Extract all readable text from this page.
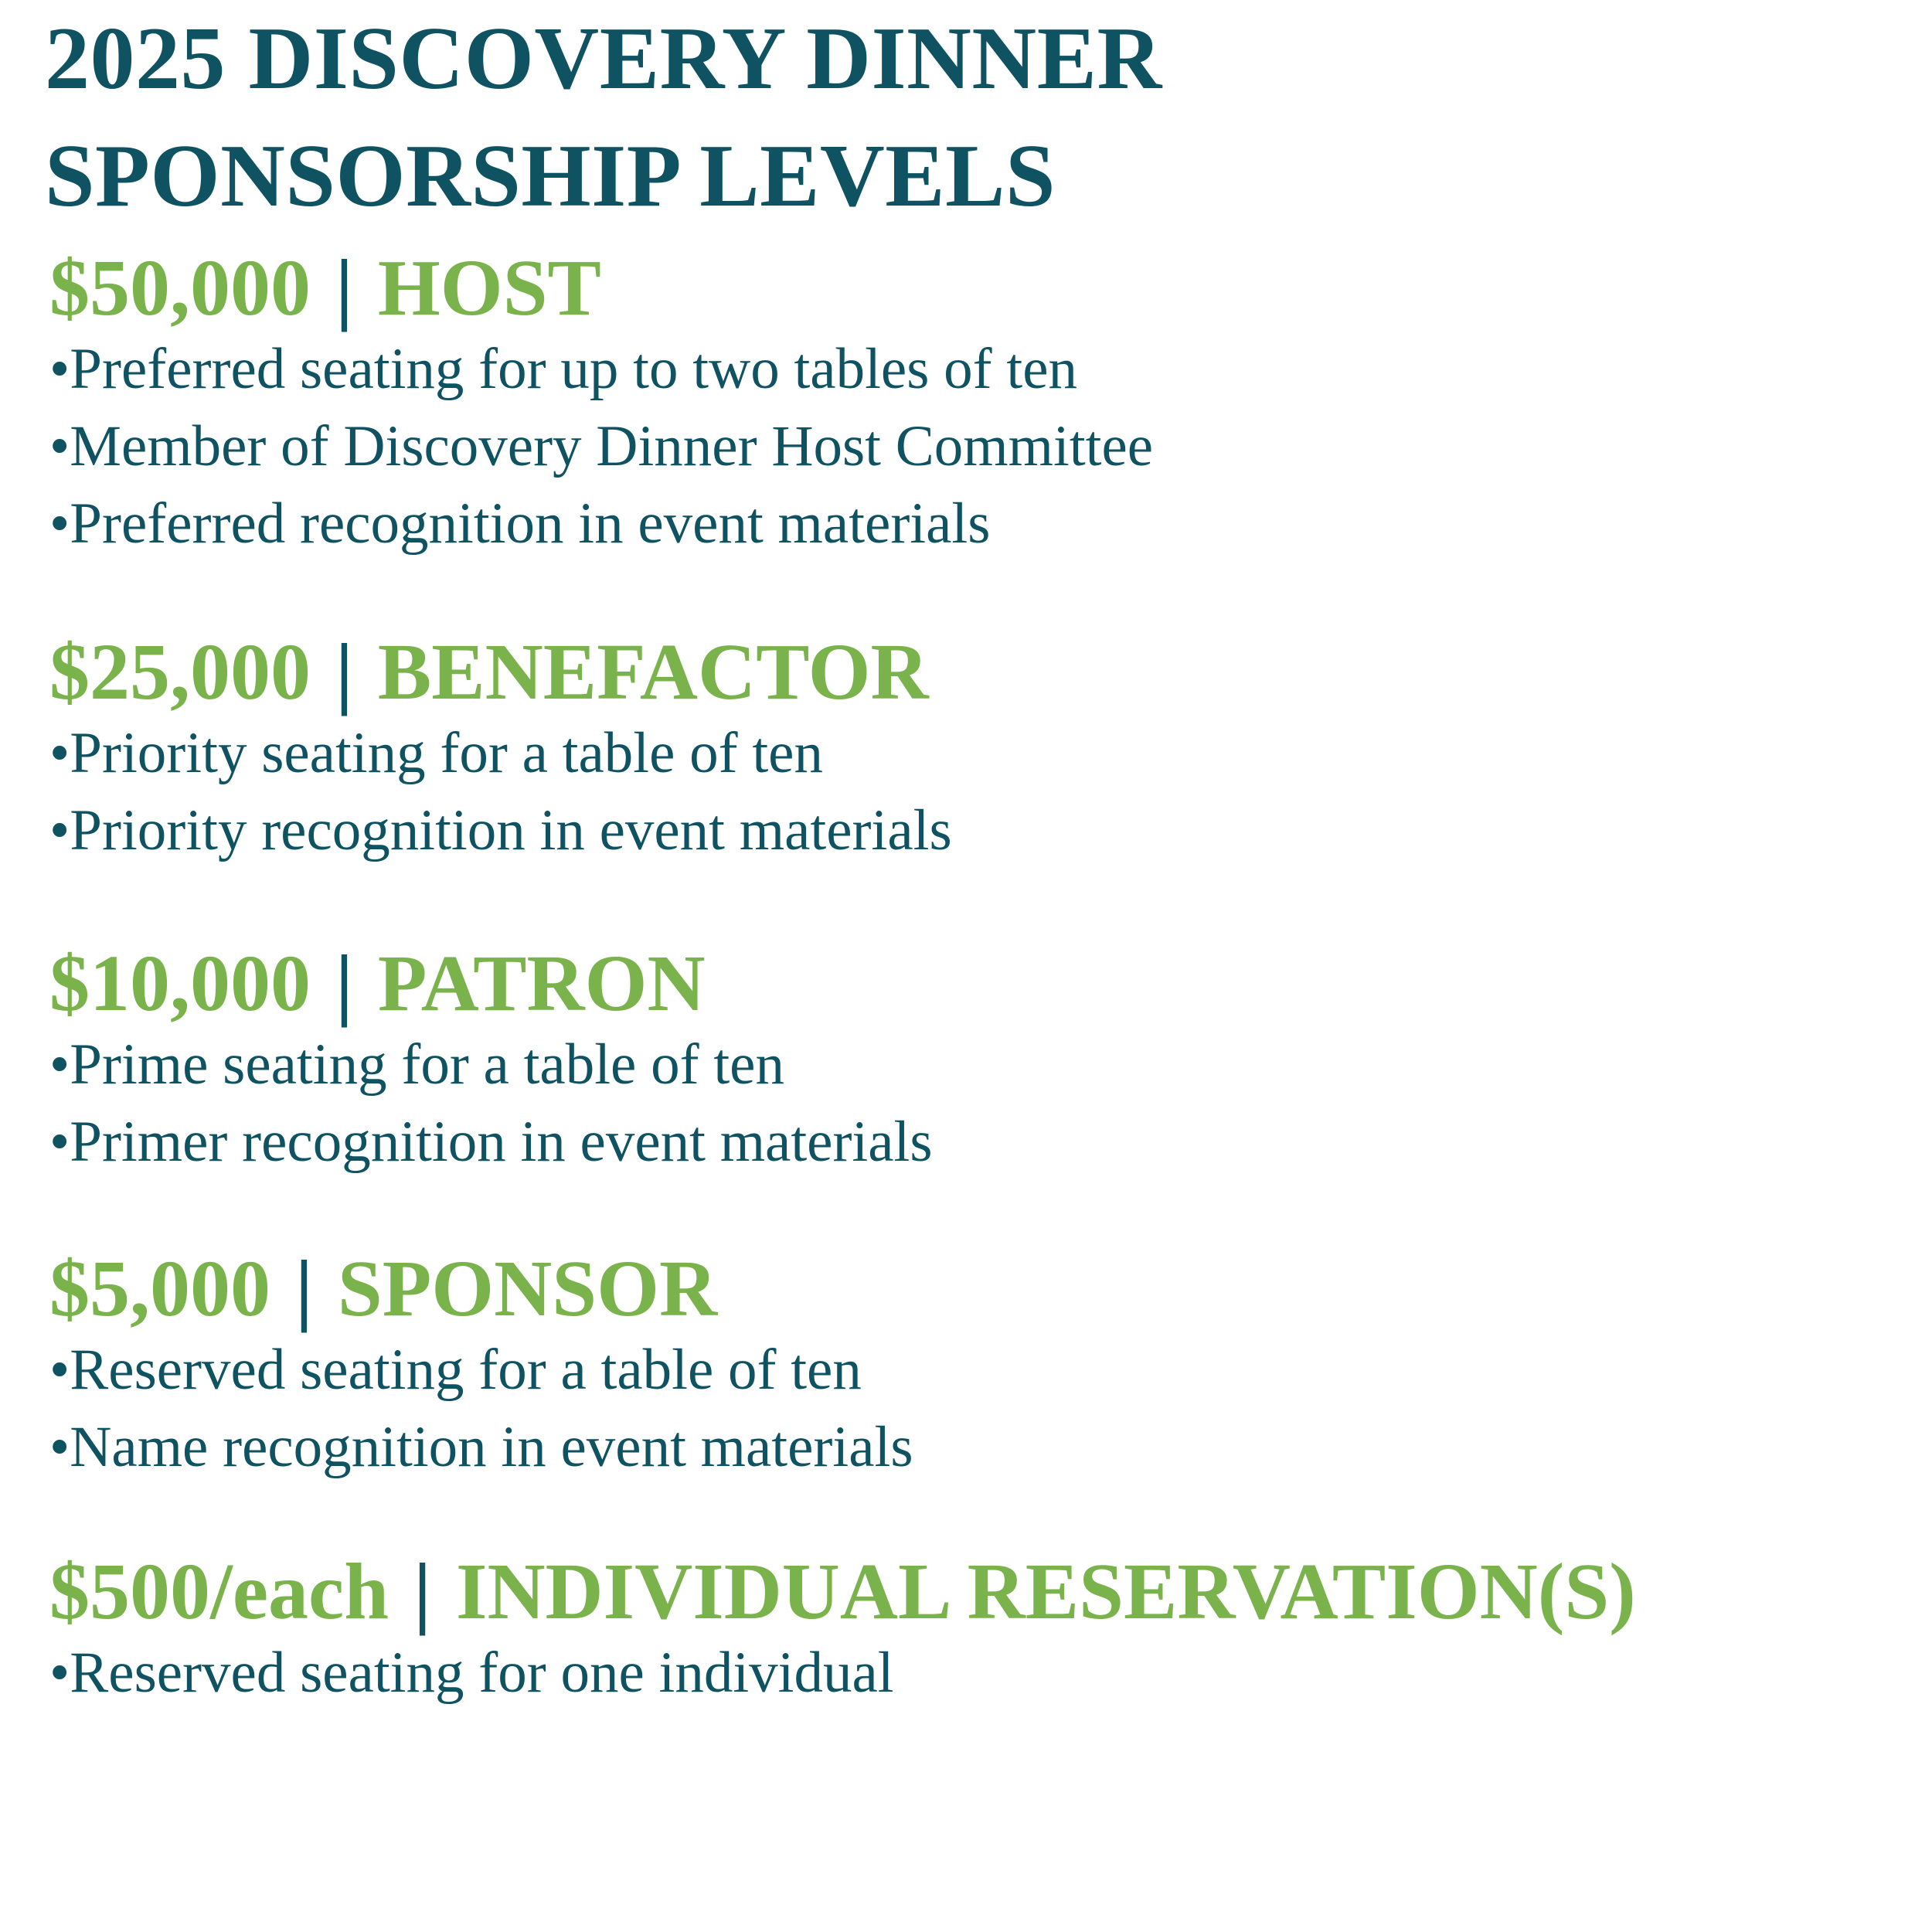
2025 DISCOVERY DINNER
SPONSORSHIP LEVELS
$50,000 | HOST
•Preferred seating for up to two tables of ten
•Member of Discovery Dinner Host Committee
•Preferred recognition in event materials
$25,000 | BENEFACTOR
•Priority seating for a table of ten
•Priority recognition in event materials
$10,000 | PATRON
•Prime seating for a table of ten
•Primer recognition in event materials
$5,000 | SPONSOR
•Reserved seating for a table of ten
•Name recognition in event materials
$500/each | INDIVIDUAL RESERVATION(S)
•Reserved seating for one individual
